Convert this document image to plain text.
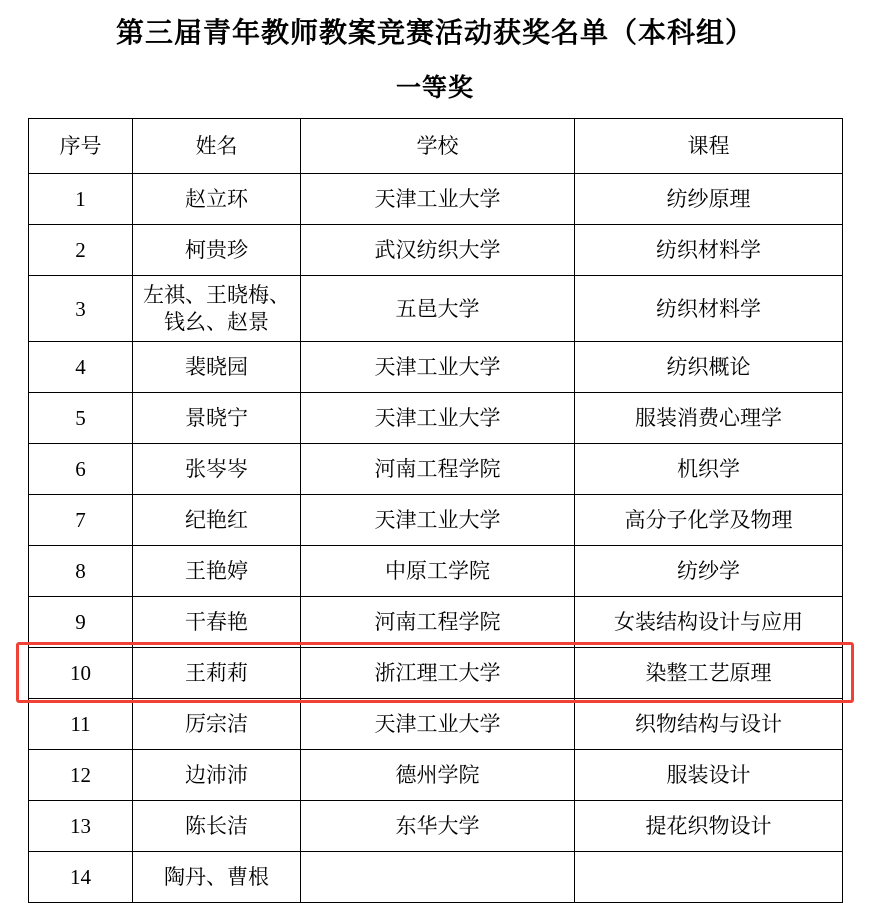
第三届青年教师教案竞赛活动获奖名单（本科组）
一等奖
序号	姓名	学校	课程
1	赵立环	天津工业大学	纺纱原理
2	柯贵珍	武汉纺织大学	纺织材料学
3	左祺、王晓梅、钱幺、赵景	五邑大学	纺织材料学
4	裴晓园	天津工业大学	纺织概论
5	景晓宁	天津工业大学	服装消费心理学
6	张岑岑	河南工程学院	机织学
7	纪艳红	天津工业大学	高分子化学及物理
8	王艳婷	中原工学院	纺纱学
9	干春艳	河南工程学院	女装结构设计与应用
10	王莉莉	浙江理工大学	染整工艺原理
11	厉宗洁	天津工业大学	织物结构与设计
12	边沛沛	德州学院	服装设计
13	陈长洁	东华大学	提花织物设计
14	陶丹、曹根		
